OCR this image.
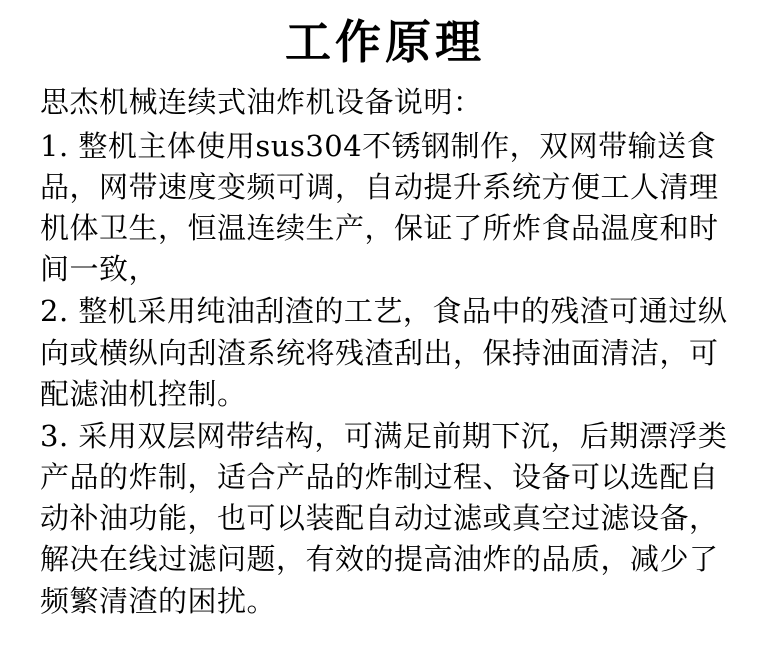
工作原理

思杰机械连续式油炸机设备说明：

1. 整机主体使用sus304不锈钢制作，双网带输送食品，网带速度变频可调，自动提升系统方便工人清理机体卫生，恒温连续生产，保证了所炸食品温度和时间一致，

2. 整机采用纯油刮渣的工艺，食品中的残渣可通过纵向或横纵向刮渣系统将残渣刮出，保持油面清洁，可配滤油机控制。

3. 采用双层网带结构，可满足前期下沉，后期漂浮类产品的炸制，适合产品的炸制过程、设备可以选配自动补油功能，也可以装配自动过滤或真空过滤设备，解决在线过滤问题，有效的提高油炸的品质，减少了频繁清渣的困扰。
